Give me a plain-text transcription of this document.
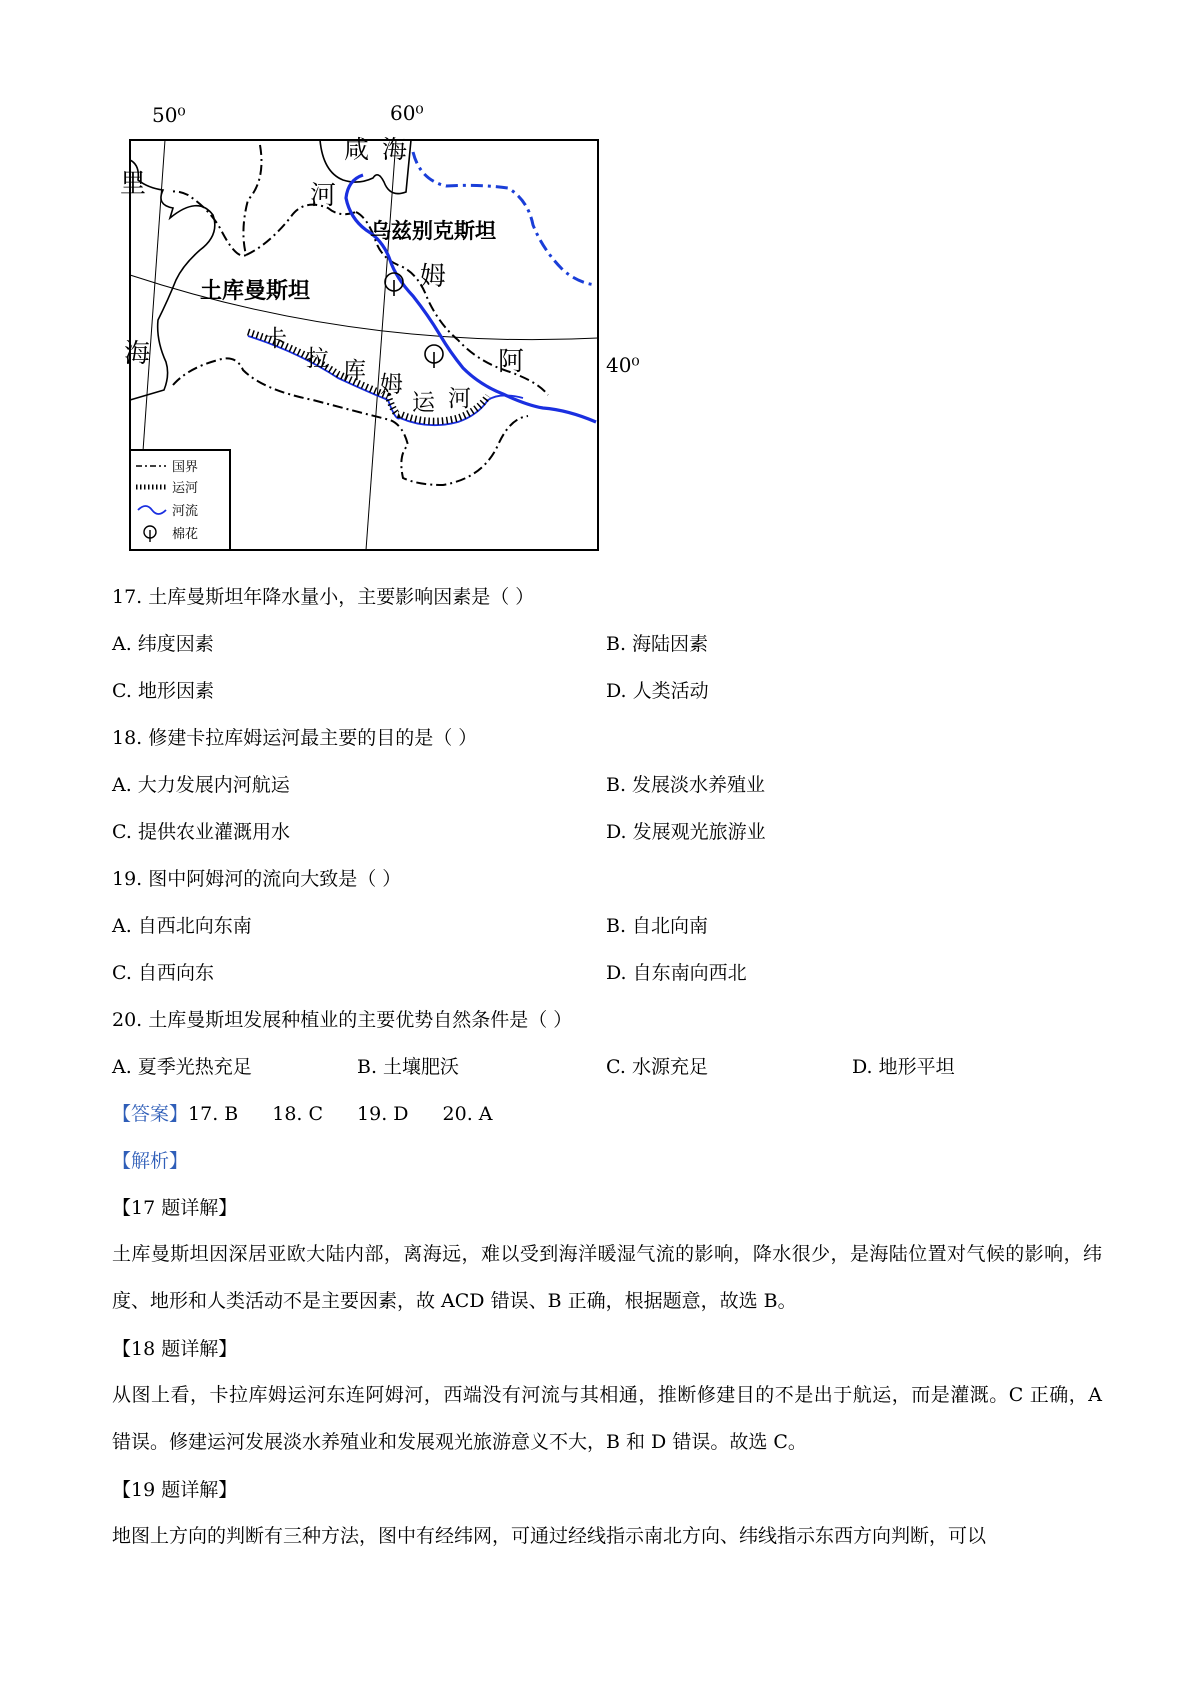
50⁰	60⁰
40⁰
咸 海
河
里
海
乌兹别克斯坦
土库曼斯坦	姆
阿
卡
拉 库
姆
运 河
国界
运河
河流
棉花
17. 土库曼斯坦年降水量小，主要影响因素是（ ）
A. 纬度因素	B. 海陆因素
C. 地形因素	D. 人类活动
18. 修建卡拉库姆运河最主要的目的是（ ）
A. 大力发展内河航运	B. 发展淡水养殖业
C. 提供农业灌溉用水	D. 发展观光旅游业
19. 图中阿姆河的流向大致是（ ）
A. 自西北向东南	B. 自北向南
C. 自西向东	D. 自东南向西北
20. 土库曼斯坦发展种植业的主要优势自然条件是（ ）
A. 夏季光热充足	B. 土壤肥沃	C. 水源充足	D. 地形平坦
【答案】17. B 18. C 19. D 20. A
【解析】
【17 题详解】
土库曼斯坦因深居亚欧大陆内部，离海远，难以受到海洋暖湿气流的影响，降水很少，是海陆位置对气候的影响，纬度、地形和人类活动不是主要因素，故 ACD 错误、B 正确，根据题意，故选 B。
【18 题详解】
从图上看，卡拉库姆运河东连阿姆河，西端没有河流与其相通，推断修建目的不是出于航运，而是灌溉。C 正确，A 错误。修建运河发展淡水养殖业和发展观光旅游意义不大，B 和 D 错误。故选 C。
【19 题详解】
地图上方向的判断有三种方法，图中有经纬网，可通过经线指示南北方向、纬线指示东西方向判断，可以
